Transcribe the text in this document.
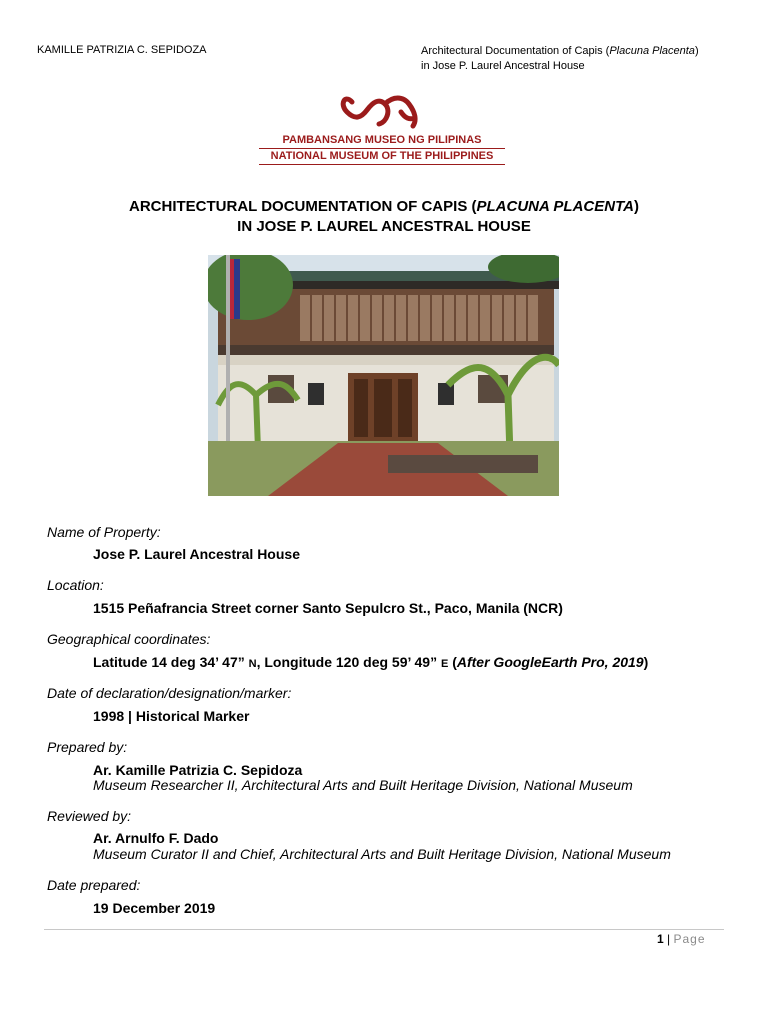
KAMILLE PATRIZIA C. SEPIDOZA	Architectural Documentation of Capis (Placuna Placenta)
in Jose P. Laurel Ancestral House
PAMBANSANG MUSEO NG PILIPINAS
NATIONAL MUSEUM OF THE PHILIPPINES
ARCHITECTURAL DOCUMENTATION OF CAPIS (PLACUNA PLACENTA)
IN JOSE P. LAUREL ANCESTRAL HOUSE
Name of Property:
Jose P. Laurel Ancestral House
Location:
1515 Peñafrancia Street corner Santo Sepulcro St., Paco, Manila (NCR)
Geographical coordinates:
Latitude 14 deg 34’ 47” N, Longitude 120 deg 59’ 49” E (After GoogleEarth Pro, 2019)
Date of declaration/designation/marker:
1998 | Historical Marker
Prepared by:
Ar. Kamille Patrizia C. Sepidoza
Museum Researcher II, Architectural Arts and Built Heritage Division, National Museum
Reviewed by:
Ar. Arnulfo F. Dado
Museum Curator II and Chief, Architectural Arts and Built Heritage Division, National Museum
Date prepared:
19 December 2019
1 | Page
